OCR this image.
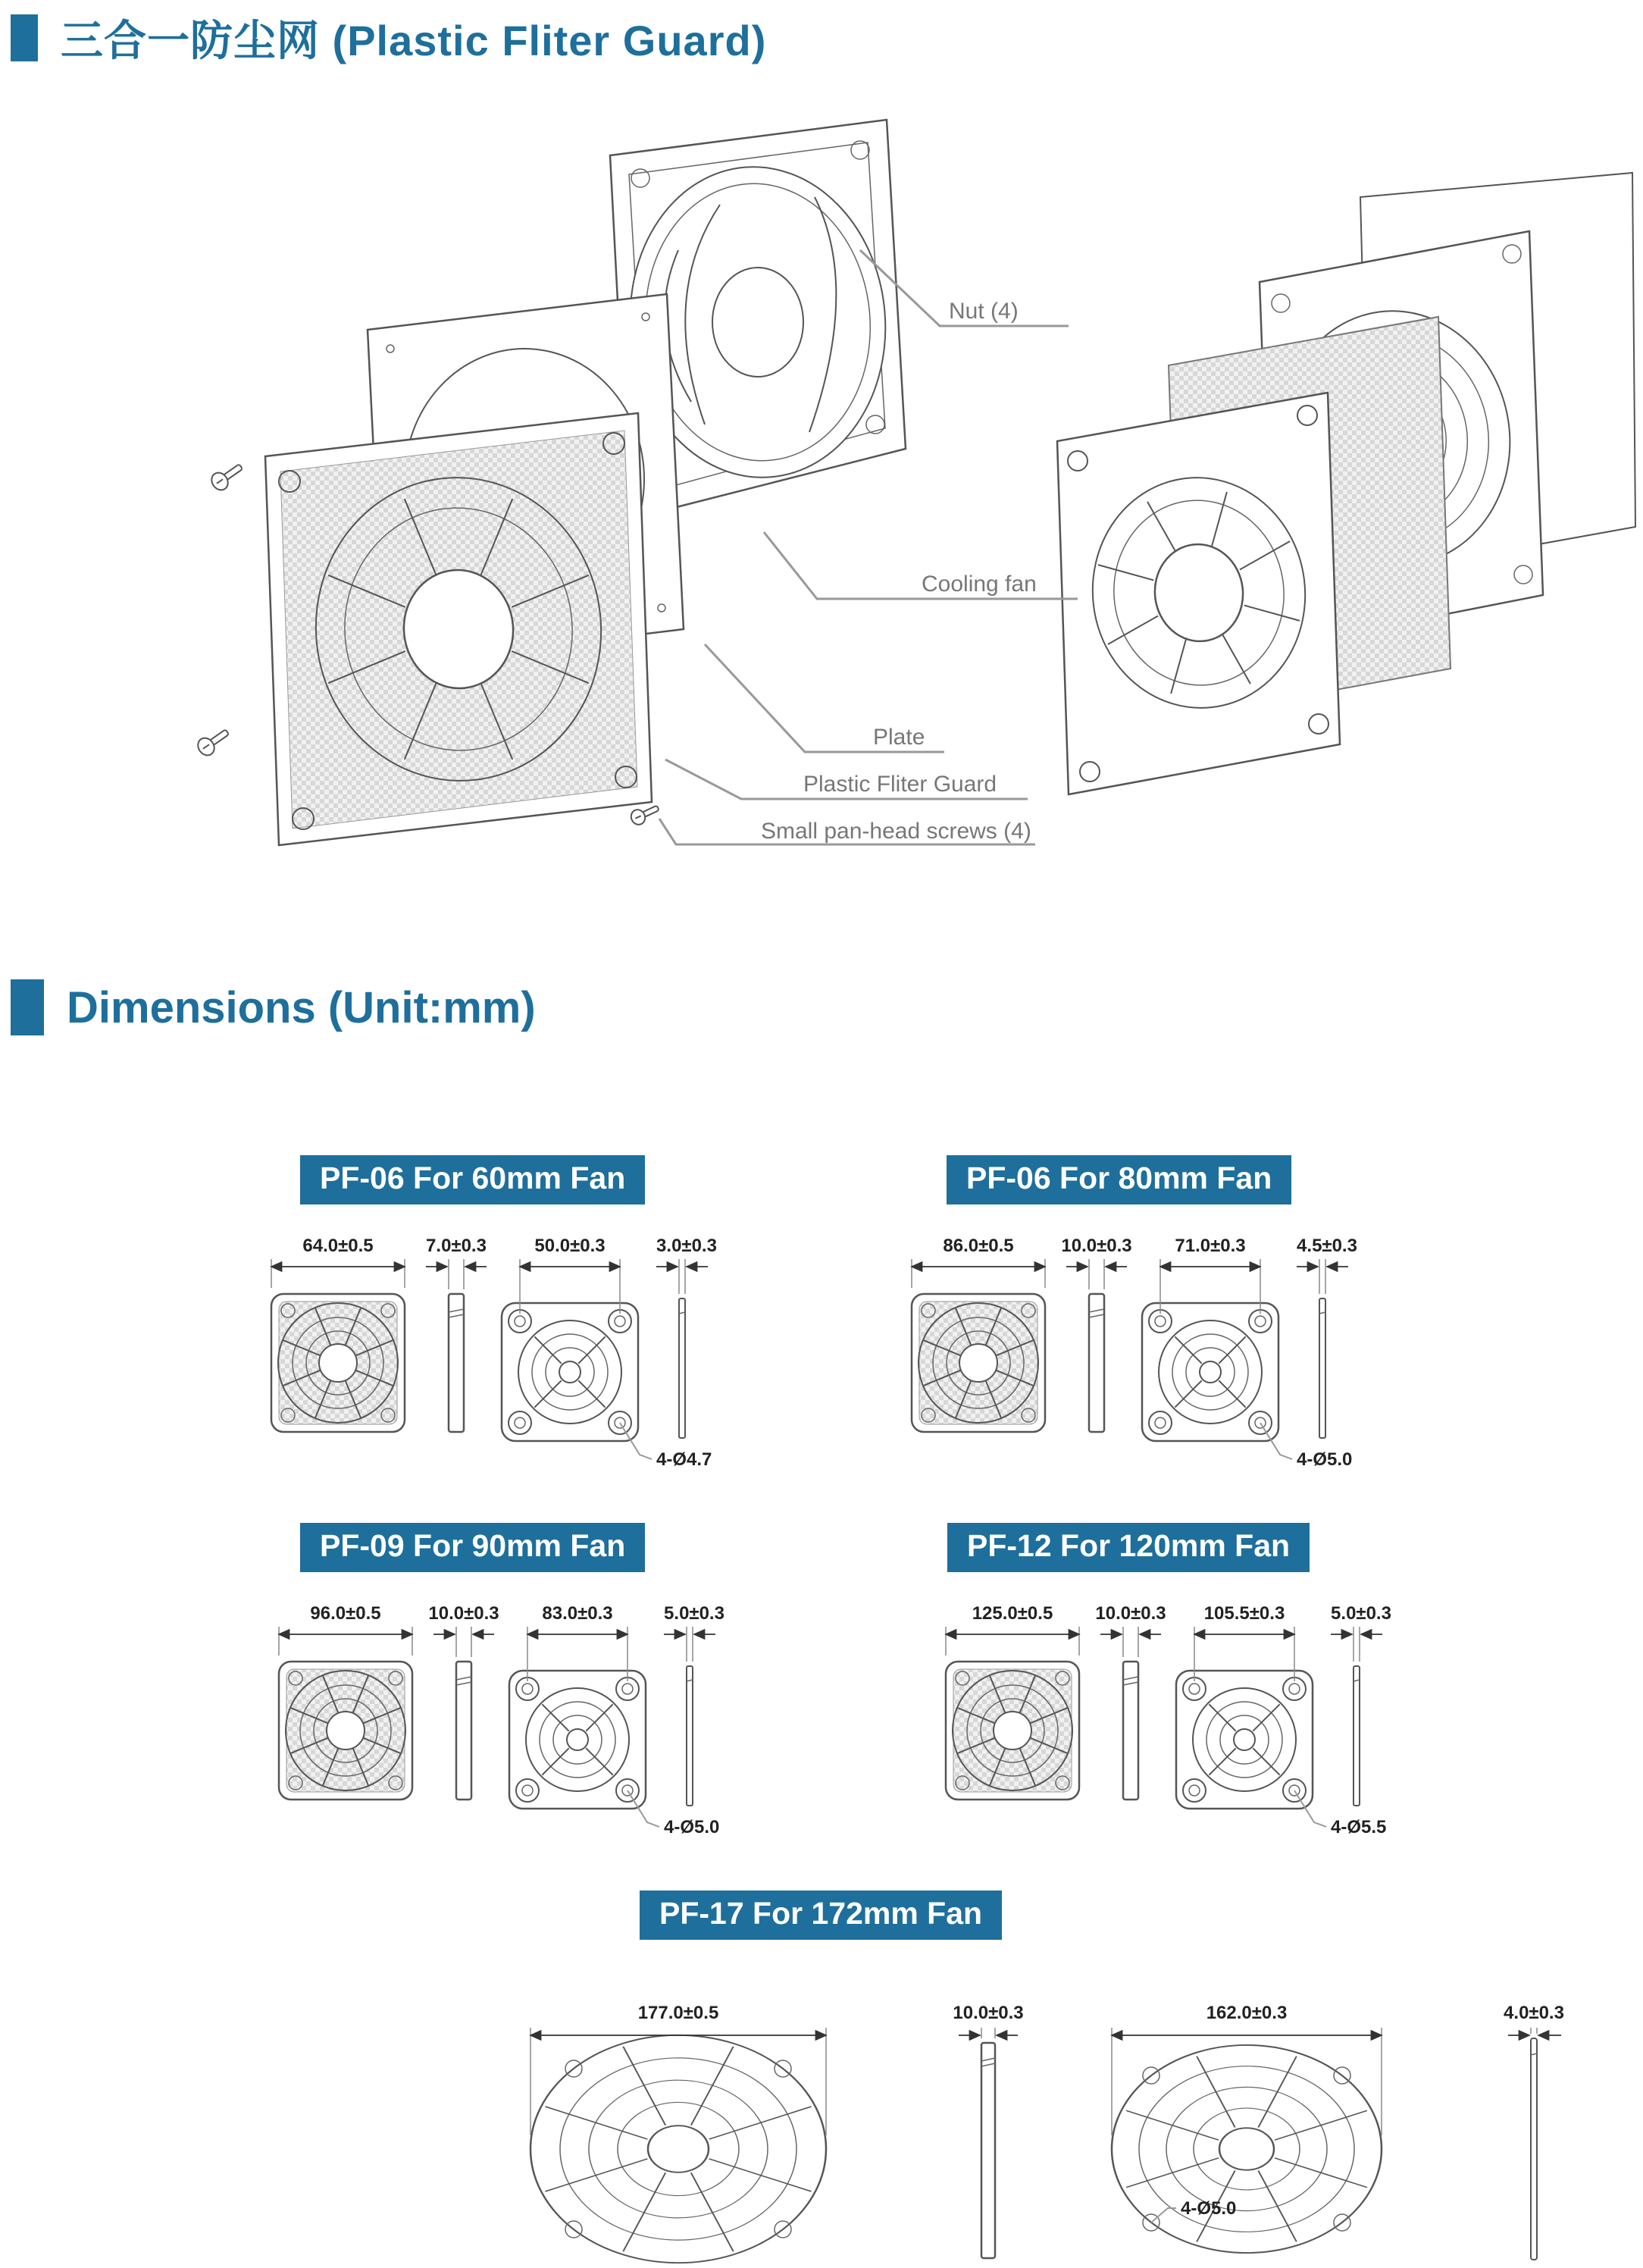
三合一防尘网 (Plastic Fliter Guard)
Nut (4)
Cooling fan
Plate
Plastic Fliter Guard
Small pan-head screws (4)
Dimensions (Unit:mm)
PF-06 For 60mm Fan
64.0±0.5	7.0±0.3	50.0±0.3
4-Ø4.7
3.0±0.3
PF-06 For 80mm Fan
86.0±0.5	10.0±0.3 71.0±0.3
4-Ø5.0
4.5±0.3
PF-09 For 90mm Fan
96.0±0.5	10.0±0.3 83.0±0.3
4-Ø5.0
5.0±0.3
PF-12 For 120mm Fan
125.0±0.5 10.0±0.3 105.5±0.3
4-Ø5.5
5.0±0.3
PF-17 For 172mm Fan
177.0±0.5	10.0±0.3	162.0±0.3
4-Ø5.0
4.0±0.3
